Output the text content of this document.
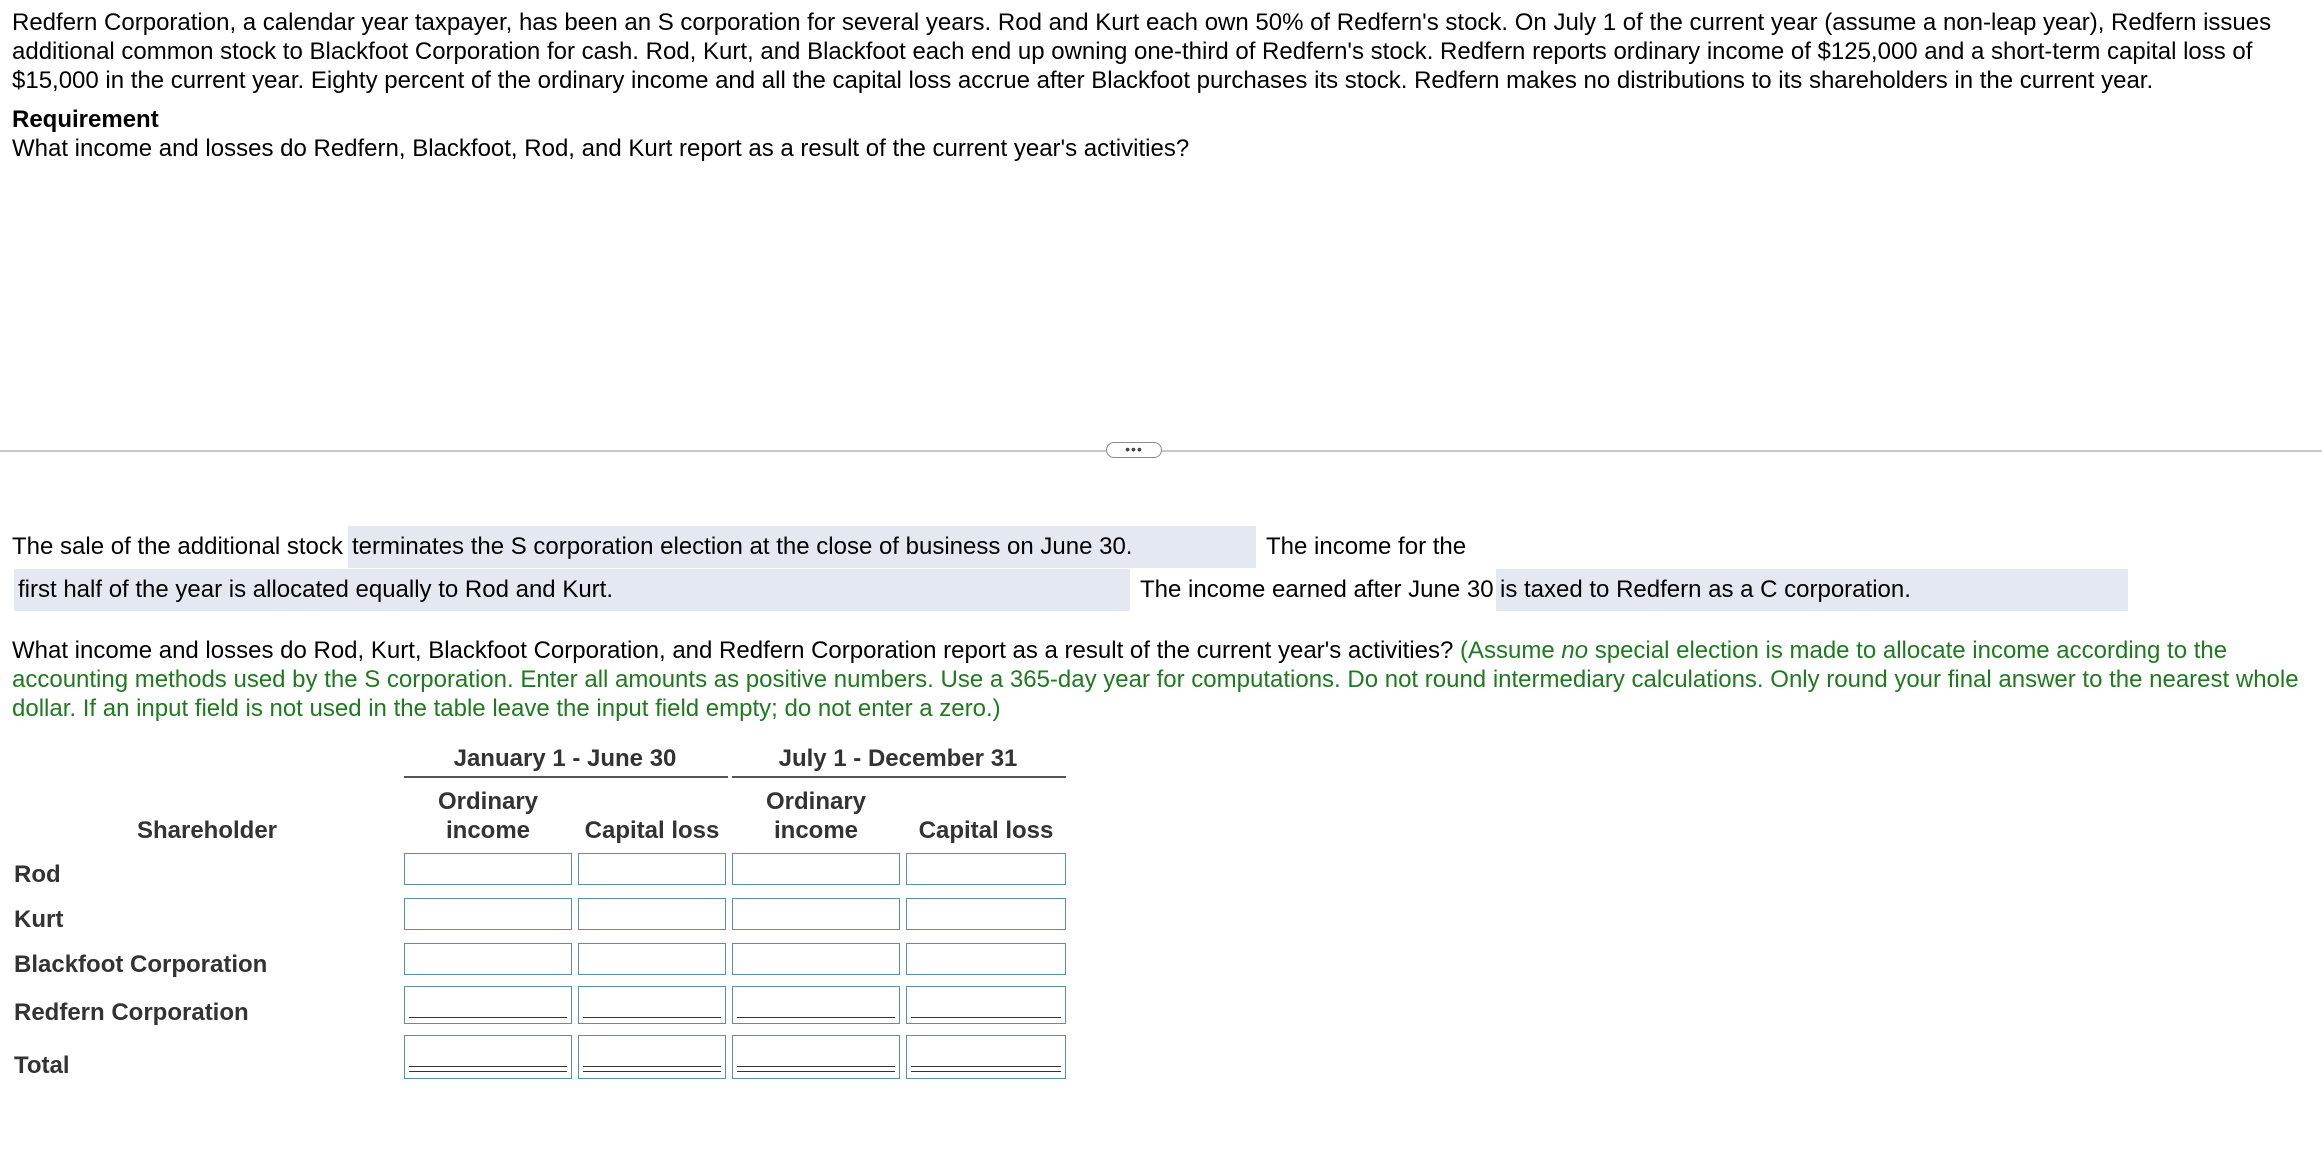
Redfern Corporation, a calendar year taxpayer, has been an S corporation for several years. Rod and Kurt each own 50% of Redfern's stock. On July 1 of the current year (assume a non-leap year), Redfern issues additional common stock to Blackfoot Corporation for cash. Rod, Kurt, and Blackfoot each end up owning one-third of Redfern's stock. Redfern reports ordinary income of $125,000 and a short-term capital loss of $15,000 in the current year. Eighty percent of the ordinary income and all the capital loss accrue after Blackfoot purchases its stock. Redfern makes no distributions to its shareholders in the current year.
Requirement
What income and losses do Redfern, Blackfoot, Rod, and Kurt report as a result of the current year's activities?
•••
The sale of the additional stock terminates the S corporation election at the close of business on June 30.	The income for the
first half of the year is allocated equally to Rod and Kurt.	The income earned after June 30 is taxed to Redfern as a C corporation.
What income and losses do Rod, Kurt, Blackfoot Corporation, and Redfern Corporation report as a result of the current year's activities? (Assume no special election is made to allocate income according to the accounting methods used by the S corporation. Enter all amounts as positive numbers. Use a 365-day year for computations. Do not round intermediary calculations. Only round your final answer to the nearest whole dollar. If an input field is not used in the table leave the input field empty; do not enter a zero.)
January 1 - June 30	July 1 - December 31
Shareholder
Ordinary
income	Capital loss
Ordinary
income	Capital loss
Rod
Kurt
Blackfoot Corporation
Redfern Corporation
Total
